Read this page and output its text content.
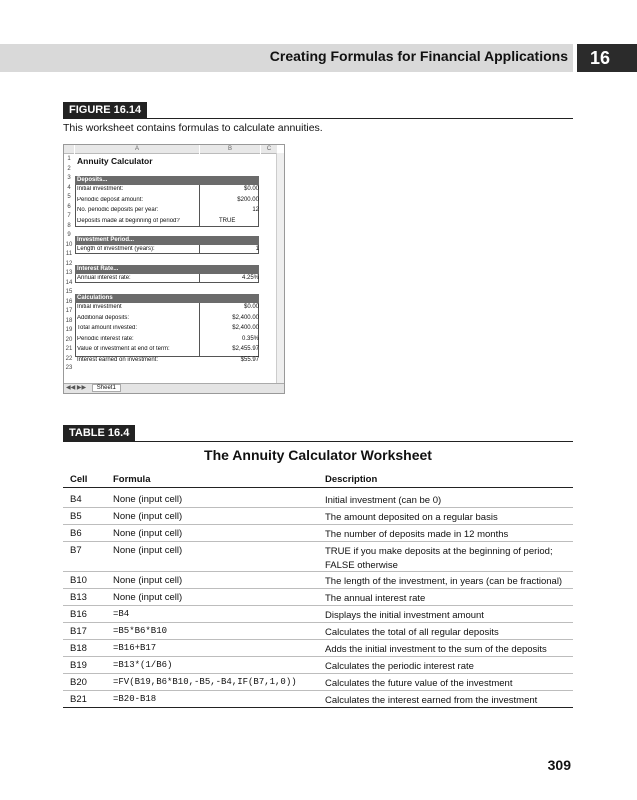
Creating Formulas for Financial Applications	16
FIGURE 16.14
This worksheet contains formulas to calculate annuities.
A	B	C
1
2
3
4
5
6
7
8
9
10
11
12
13
14
15
16
17
18
19
20
21
22
23
Annuity Calculator
Deposits...
Initial investment:	$0.00
Periodic deposit amount:	$200.00
No. periodic deposits per year:	12
Deposits made at beginning of period?	TRUE
Investment Period...
Length of investment (years):	1
Interest Rate...
Annual interest rate:	4.25%
Calculations
Initial investment	$0.00
Additional deposits:	$2,400.00
Total amount invested:	$2,400.00
Periodic interest rate:	0.35%
Value of investment at end of term:	$2,455.97
Interest earned on investment:	$55.97
◀◀ ▶▶ Sheet1
TABLE 16.4
The Annuity Calculator Worksheet
Cell	Formula	Description
B4	None (input cell)	Initial investment (can be 0)
B5	None (input cell)	The amount deposited on a regular basis
B6	None (input cell)	The number of deposits made in 12 months
B7	None (input cell)	TRUE if you make deposits at the beginning of period; FALSE otherwise
B10	None (input cell)	The length of the investment, in years (can be fractional)
B13	None (input cell)	The annual interest rate
B16	=B4	Displays the initial investment amount
B17	=B5*B6*B10	Calculates the total of all regular deposits
B18	=B16+B17	Adds the initial investment to the sum of the deposits
B19	=B13*(1/B6)	Calculates the periodic interest rate
B20	=FV(B19,B6*B10,-B5,-B4,IF(B7,1,0))	Calculates the future value of the investment
B21	=B20-B18	Calculates the interest earned from the investment
309
